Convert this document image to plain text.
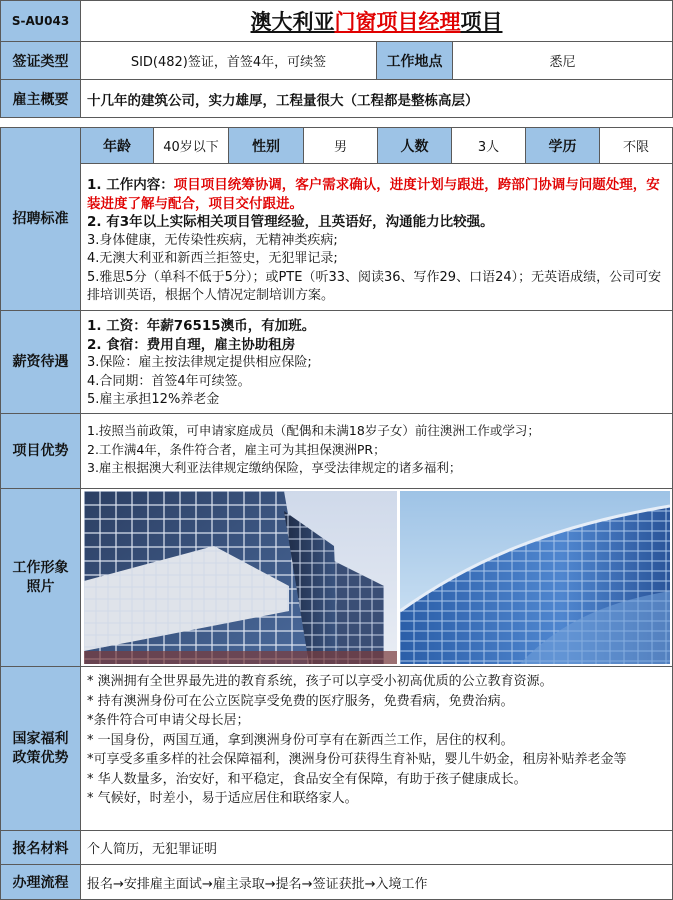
S-AU043	澳大利亚 门窗项目经理 项目
签证类型	SID(482)签证，首签4年，可续签	工作地点	悉尼
雇主概要 十几年的建筑公司，实力雄厚，工程量很大（工程都是整栋高层）
招聘标准
年龄 40岁以下 性别	男	人数	3人	学历	不限
1. 工作内容：项目项目统筹协调，客户需求确认，进度计划与跟进，跨部门协调与问题处理，安装进度了解与配合，项目交付跟进。
2. 有3年以上实际相关项目管理经验，且英语好，沟通能力比较强。
3.身体健康，无传染性疾病，无精神类疾病;
4.无澳大利亚和新西兰拒签史，无犯罪记录;
5.雅思5分（单科不低于5分）；或PTE（听33、阅读36、写作29、口语24）；无英语成绩，公司可安排培训英语，根据个人情况定制培训方案。
薪资待遇
1. 工资：年薪76515澳币，有加班。
2. 食宿：费用自理，雇主协助租房
3.保险：雇主按法律规定提供相应保险;
4.合同期：首签4年可续签。
5.雇主承担12%养老金
项目优势
1.按照当前政策，可申请家庭成员（配偶和未满18岁子女）前往澳洲工作或学习；
2.工作满4年，条件符合者，雇主可为其担保澳洲PR；
3.雇主根据澳大利亚法律规定缴纳保险，享受法律规定的诸多福利；
工作形象照片
国家福利政策优势
* 澳洲拥有全世界最先进的教育系统，孩子可以享受小初高优质的公立教育资源。
* 持有澳洲身份可在公立医院享受免费的医疗服务，免费看病，免费治病。
*条件符合可申请父母长居；
* 一国身份，两国互通，拿到澳洲身份可享有在新西兰工作，居住的权利。
*可享受多重多样的社会保障福利，澳洲身份可获得生育补贴，婴儿牛奶金，租房补贴养老金等
* 华人数量多，治安好，和平稳定，食品安全有保障，有助于孩子健康成长。
* 气候好，时差小，易于适应居住和联络家人。
报名材料 个人简历，无犯罪证明
办理流程 报名→安排雇主面试→雇主录取→提名→签证获批→入境工作
